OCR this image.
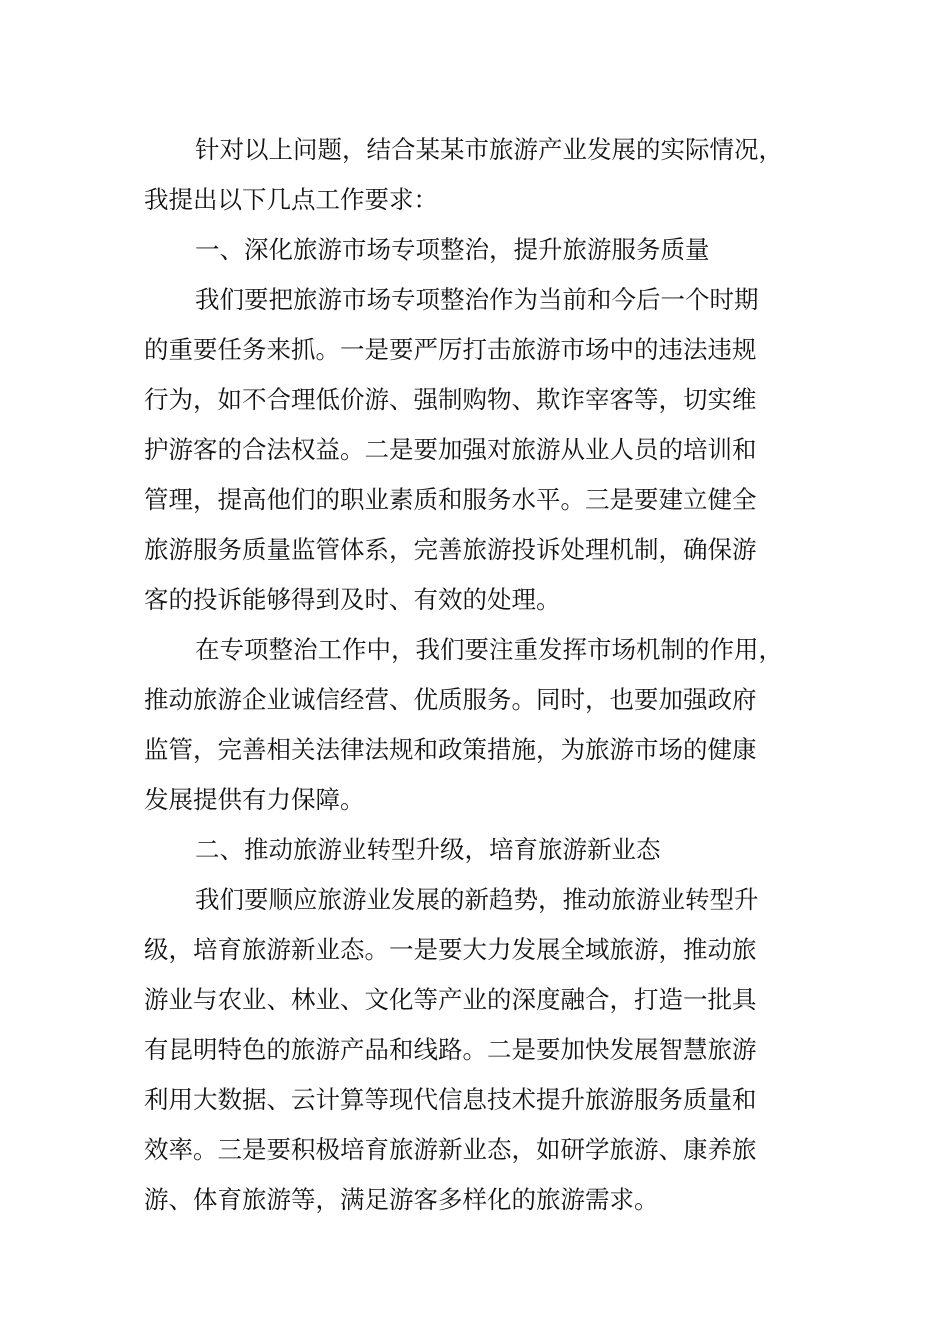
针对以上问题，结合某某市旅游产业发展的实际情况，
我提出以下几点工作要求：
一、深化旅游市场专项整治，提升旅游服务质量
我们要把旅游市场专项整治作为当前和今后一个时期
的重要任务来抓。一是要严厉打击旅游市场中的违法违规
行为，如不合理低价游、强制购物、欺诈宰客等，切实维
护游客的合法权益。二是要加强对旅游从业人员的培训和
管理，提高他们的职业素质和服务水平。三是要建立健全
旅游服务质量监管体系，完善旅游投诉处理机制，确保游
客的投诉能够得到及时、有效的处理。
在专项整治工作中，我们要注重发挥市场机制的作用，
推动旅游企业诚信经营、优质服务。同时，也要加强政府
监管，完善相关法律法规和政策措施，为旅游市场的健康
发展提供有力保障。
二、推动旅游业转型升级，培育旅游新业态
我们要顺应旅游业发展的新趋势，推动旅游业转型升
级，培育旅游新业态。一是要大力发展全域旅游，推动旅
游业与农业、林业、文化等产业的深度融合，打造一批具
有昆明特色的旅游产品和线路。二是要加快发展智慧旅游
利用大数据、云计算等现代信息技术提升旅游服务质量和
效率。三是要积极培育旅游新业态，如研学旅游、康养旅
游、体育旅游等，满足游客多样化的旅游需求。
